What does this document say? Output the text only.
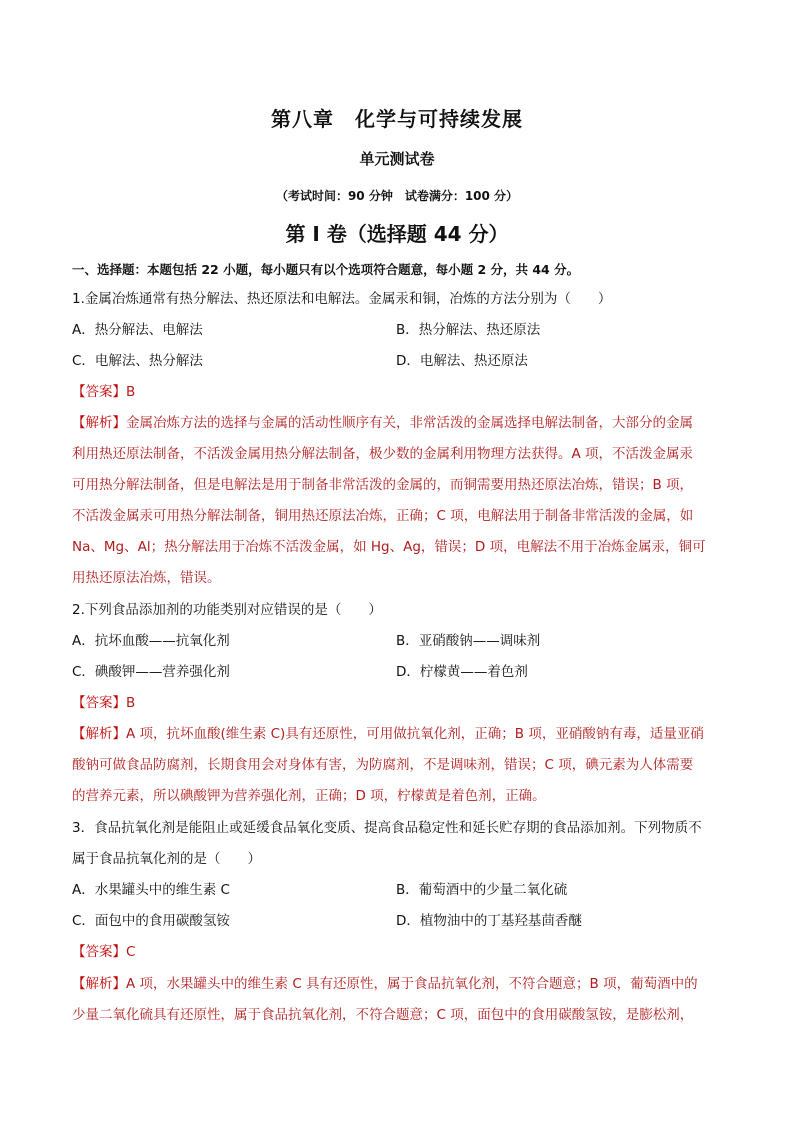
第八章　化学与可持续发展
单元测试卷
（考试时间：90 分钟　试卷满分：100 分）
第 I 卷（选择题 44 分）
一、选择题：本题包括 22 小题，每小题只有以个选项符合题意，每小题 2 分，共 44 分。
1.金属冶炼通常有热分解法、热还原法和电解法。金属汞和铜，冶炼的方法分别为（　　）
A．热分解法、电解法	B．热分解法、热还原法
C．电解法、热分解法	D．电解法、热还原法
【答案】B
【解析】金属冶炼方法的选择与金属的活动性顺序有关，非常活泼的金属选择电解法制备，大部分的金属
利用热还原法制备，不活泼金属用热分解法制备，极少数的金属利用物理方法获得。A 项，不活泼金属汞
可用热分解法制备，但是电解法是用于制备非常活泼的金属的，而铜需要用热还原法冶炼，错误；B 项，
不活泼金属汞可用热分解法制备，铜用热还原法冶炼，正确；C 项，电解法用于制备非常活泼的金属，如
Na、Mg、Al；热分解法用于冶炼不活泼金属，如 Hg、Ag，错误；D 项，电解法不用于冶炼金属汞，铜可
用热还原法冶炼，错误。
2.下列食品添加剂的功能类别对应错误的是（　　）
A．抗坏血酸——抗氧化剂	B．亚硝酸钠——调味剂
C．碘酸钾——营养强化剂	D．柠檬黄——着色剂
【答案】B
【解析】A 项，抗坏血酸(维生素 C)具有还原性，可用做抗氧化剂，正确；B 项，亚硝酸钠有毒，适量亚硝
酸钠可做食品防腐剂，长期食用会对身体有害，为防腐剂，不是调味剂，错误；C 项，碘元素为人体需要
的营养元素，所以碘酸钾为营养强化剂，正确；D 项，柠檬黄是着色剂，正确。
3．食品抗氧化剂是能阻止或延缓食品氧化变质、提高食品稳定性和延长贮存期的食品添加剂。下列物质不
属于食品抗氧化剂的是（　　）
A．水果罐头中的维生素 C	B．葡萄酒中的少量二氧化硫
C．面包中的食用碳酸氢铵	D．植物油中的丁基羟基茴香醚
【答案】C
【解析】A 项，水果罐头中的维生素 C 具有还原性，属于食品抗氧化剂，不符合题意；B 项，葡萄酒中的
少量二氧化硫具有还原性，属于食品抗氧化剂，不符合题意；C 项，面包中的食用碳酸氢铵，是膨松剂，
